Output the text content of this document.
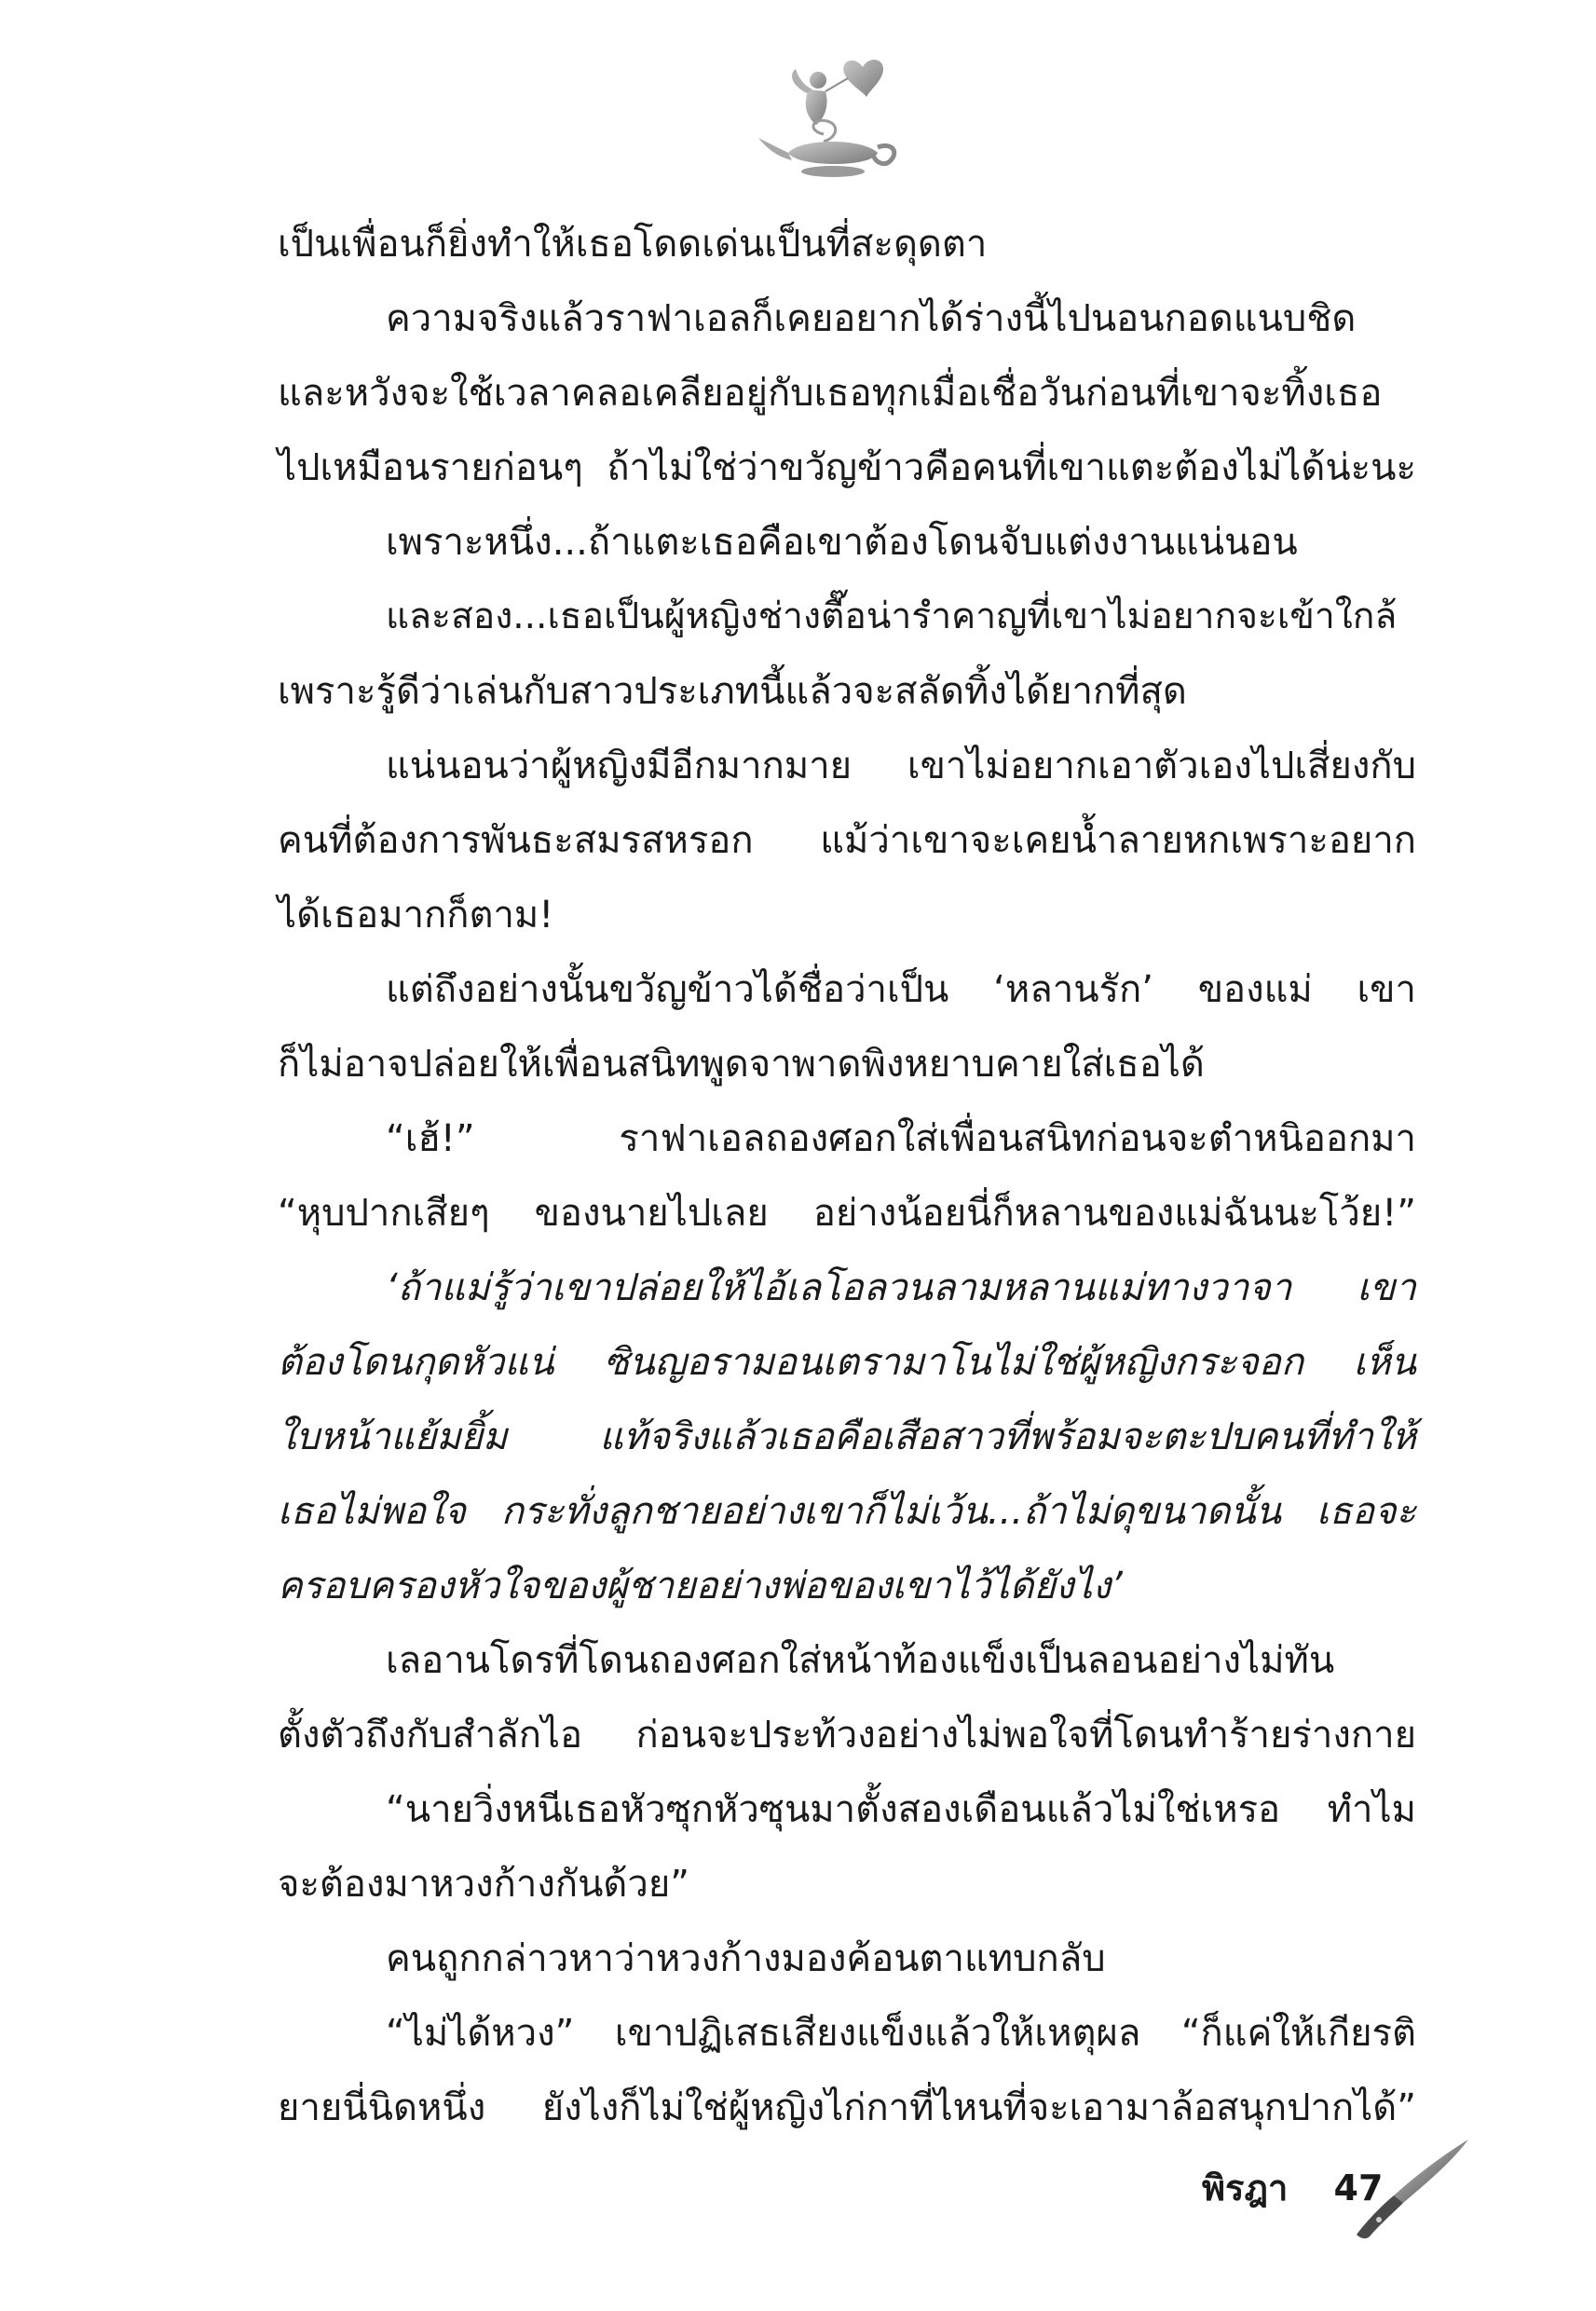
เป็นเพื่อนก็ยิ่งทำให้เธอโดดเด่นเป็นที่สะดุดตา
ความจริงแล้วราฟาเอลก็เคยอยากได้ร่างนี้ไปนอนกอดแนบชิด
และหวังจะใช้เวลาคลอเคลียอยู่กับเธอทุกเมื่อเชื่อวันก่อนที่เขาจะทิ้งเธอ
ไปเหมือนรายก่อนๆ ถ้าไม่ใช่ว่าขวัญข้าวคือคนที่เขาแตะต้องไม่ได้น่ะนะ
เพราะหนึ่ง...ถ้าแตะเธอคือเขาต้องโดนจับแต่งงานแน่นอน
และสอง...เธอเป็นผู้หญิงช่างตื๊อน่ารำคาญที่เขาไม่อยากจะเข้าใกล้
เพราะรู้ดีว่าเล่นกับสาวประเภทนี้แล้วจะสลัดทิ้งได้ยากที่สุด
แน่นอนว่าผู้หญิงมีอีกมากมาย เขาไม่อยากเอาตัวเองไปเสี่ยงกับ
คนที่ต้องการพันธะสมรสหรอก แม้ว่าเขาจะเคยน้ำลายหกเพราะอยาก
ได้เธอมากก็ตาม!
แต่ถึงอย่างนั้นขวัญข้าวได้ชื่อว่าเป็น ‘หลานรัก’ ของแม่ เขา
ก็ไม่อาจปล่อยให้เพื่อนสนิทพูดจาพาดพิงหยาบคายใส่เธอได้
“เฮ้!” ราฟาเอลถองศอกใส่เพื่อนสนิทก่อนจะตำหนิออกมา
“หุบปากเสียๆ ของนายไปเลย อย่างน้อยนี่ก็หลานของแม่ฉันนะโว้ย!”
‘ถ้าแม่รู้ว่าเขาปล่อยให้ไอ้เลโอลวนลามหลานแม่ทางวาจา เขา
ต้องโดนกุดหัวแน่ ซินญอรามอนเตรามาโนไม่ใช่ผู้หญิงกระจอก เห็น
ใบหน้าแย้มยิ้ม แท้จริงแล้วเธอคือเสือสาวที่พร้อมจะตะปบคนที่ทำให้
เธอไม่พอใจ กระทั่งลูกชายอย่างเขาก็ไม่เว้น...ถ้าไม่ดุขนาดนั้น เธอจะ
ครอบครองหัวใจของผู้ชายอย่างพ่อของเขาไว้ได้ยังไง’
เลอานโดรที่โดนถองศอกใส่หน้าท้องแข็งเป็นลอนอย่างไม่ทัน
ตั้งตัวถึงกับสำลักไอ ก่อนจะประท้วงอย่างไม่พอใจที่โดนทำร้ายร่างกาย
“นายวิ่งหนีเธอหัวซุกหัวซุนมาตั้งสองเดือนแล้วไม่ใช่เหรอ ทำไม
จะต้องมาหวงก้างกันด้วย”
คนถูกกล่าวหาว่าหวงก้างมองค้อนตาแทบกลับ
“ไม่ได้หวง” เขาปฏิเสธเสียงแข็งแล้วให้เหตุผล “ก็แค่ให้เกียรติ
ยายนี่นิดหนึ่ง ยังไงก็ไม่ใช่ผู้หญิงไก่กาที่ไหนที่จะเอามาล้อสนุกปากได้”
พิรฎา 47
